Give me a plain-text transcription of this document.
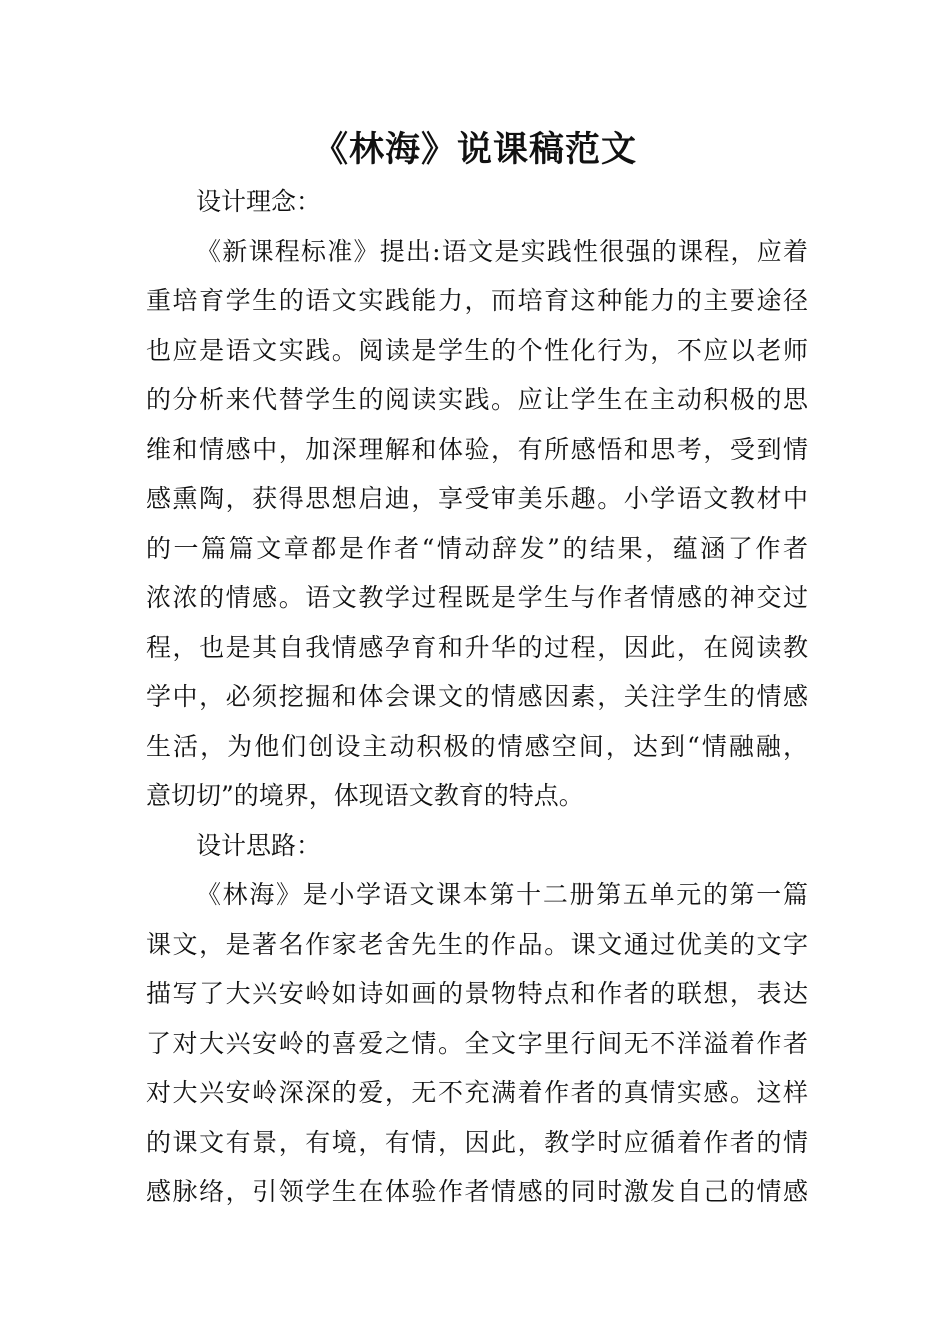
《林海》说课稿范文
设计理念：
《新课程标准》提出:语文是实践性很强的课程，应着
重培育学生的语文实践能力，而培育这种能力的主要途径
也应是语文实践。阅读是学生的个性化行为，不应以老师
的分析来代替学生的阅读实践。应让学生在主动积极的思
维和情感中，加深理解和体验，有所感悟和思考，受到情
感熏陶，获得思想启迪，享受审美乐趣。小学语文教材中
的一篇篇文章都是作者“情动辞发”的结果，蕴涵了作者
浓浓的情感。语文教学过程既是学生与作者情感的神交过
程，也是其自我情感孕育和升华的过程，因此，在阅读教
学中，必须挖掘和体会课文的情感因素，关注学生的情感
生活，为他们创设主动积极的情感空间，达到“情融融，
意切切”的境界，体现语文教育的特点。
设计思路：
《林海》是小学语文课本第十二册第五单元的第一篇
课文，是著名作家老舍先生的作品。课文通过优美的文字
描写了大兴安岭如诗如画的景物特点和作者的联想，表达
了对大兴安岭的喜爱之情。全文字里行间无不洋溢着作者
对大兴安岭深深的爱，无不充满着作者的真情实感。这样
的课文有景，有境，有情，因此，教学时应循着作者的情
感脉络，引领学生在体验作者情感的同时激发自己的情感
